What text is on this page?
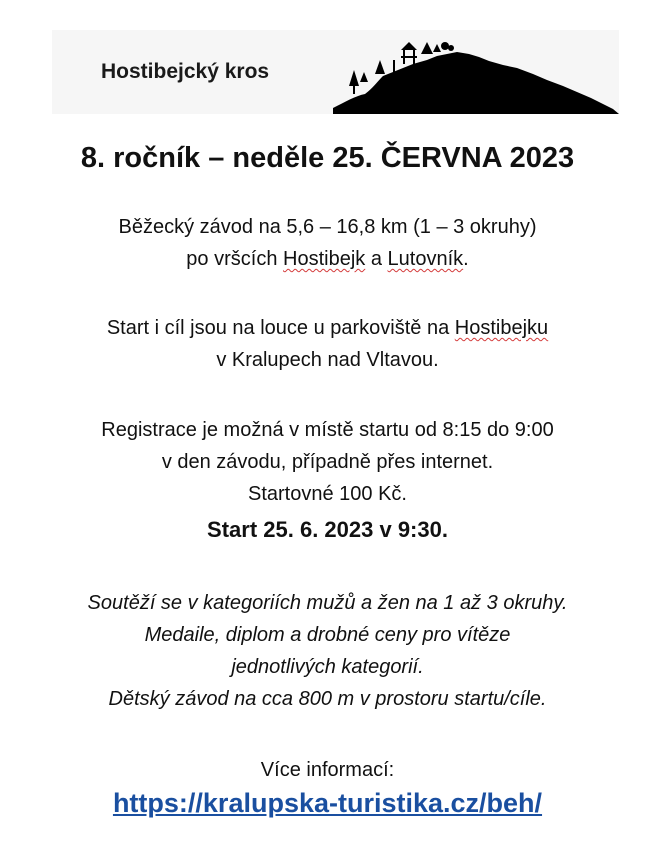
Hostibejcký kros
8. ročník – neděle 25. ČERVNA 2023
Běžecký závod na 5,6 – 16,8 km (1 – 3 okruhy)
po vršcích Hostibejk a Lutovník.
Start i cíl jsou na louce u parkoviště na Hostibejku
v Kralupech nad Vltavou.
Registrace je možná v místě startu od 8:15 do 9:00
v den závodu, případně přes internet.
Startovné 100 Kč.
Start 25. 6. 2023 v 9:30.
Soutěží se v kategoriích mužů a žen na 1 až 3 okruhy.
Medaile, diplom a drobné ceny pro vítěze
jednotlivých kategorií.
Dětský závod na cca 800 m v prostoru startu/cíle.
Více informací:
https://kralupska-turistika.cz/beh/
